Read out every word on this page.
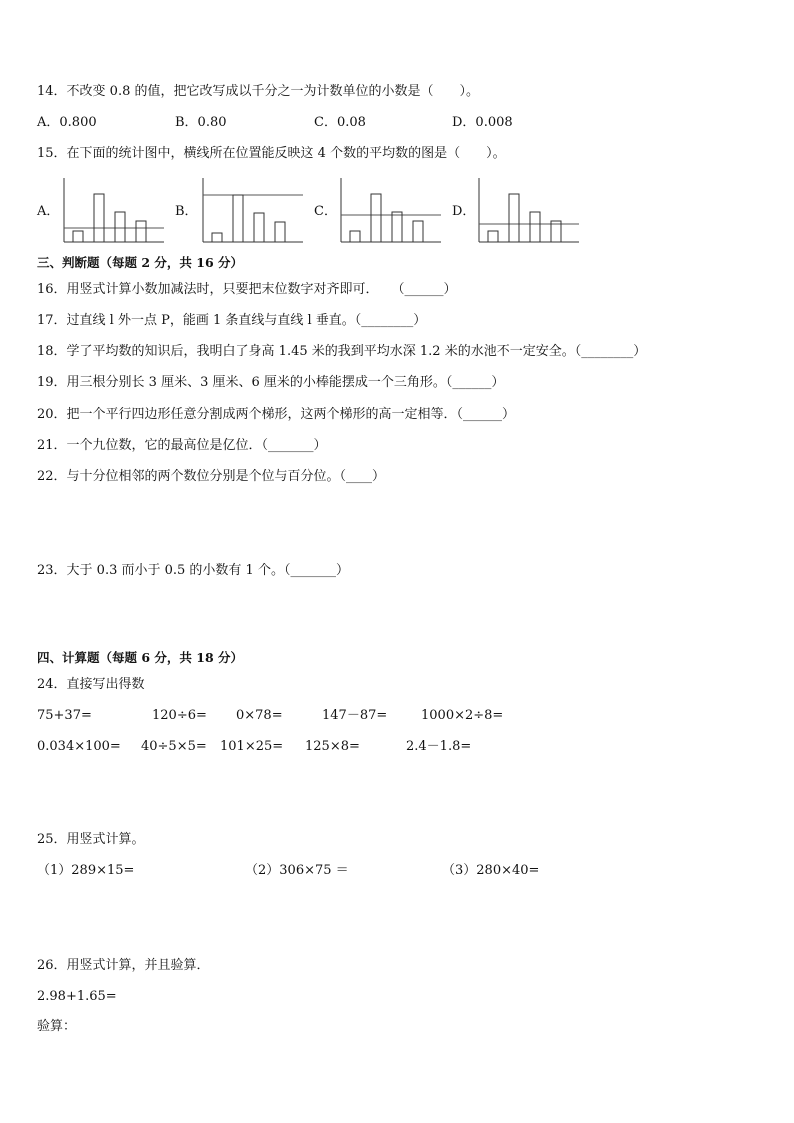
14．不改变 0.8 的值，把它改写成以千分之一为计数单位的小数是（　　）。
A．0.800	B．0.80	C．0.08	D．0.008
15．在下面的统计图中，横线所在位置能反映这 4 个数的平均数的图是（　　）。
A．	B．	C．	D．
三、判断题（每题 2 分，共 16 分）
16．用竖式计算小数加减法时，只要把末位数字对齐即可．　　（______）
17．过直线 l 外一点 P，能画 1 条直线与直线 l 垂直。（________）
18．学了平均数的知识后，我明白了身高 1.45 米的我到平均水深 1.2 米的水池不一定安全。（________）
19．用三根分别长 3 厘米、3 厘米、6 厘米的小棒能摆成一个三角形。（______）
20．把一个平行四边形任意分割成两个梯形，这两个梯形的高一定相等．（______）
21．一个九位数，它的最高位是亿位．（_______）
22．与十分位相邻的两个数位分别是个位与百分位。（____）
23．大于 0.3 而小于 0.5 的小数有 1 个。（_______）
四、计算题（每题 6 分，共 18 分）
24．直接写出得数
75+37=	120÷6= 0×78=	147－87=	1000×2÷8=
0.034×100= 40÷5×5= 101×25= 125×8=	2.4－1.8=
25．用竖式计算。
（1）289×15=	（2）306×75 ＝	（3）280×40=
26．用竖式计算，并且验算．
2.98+1.65=
验算：
